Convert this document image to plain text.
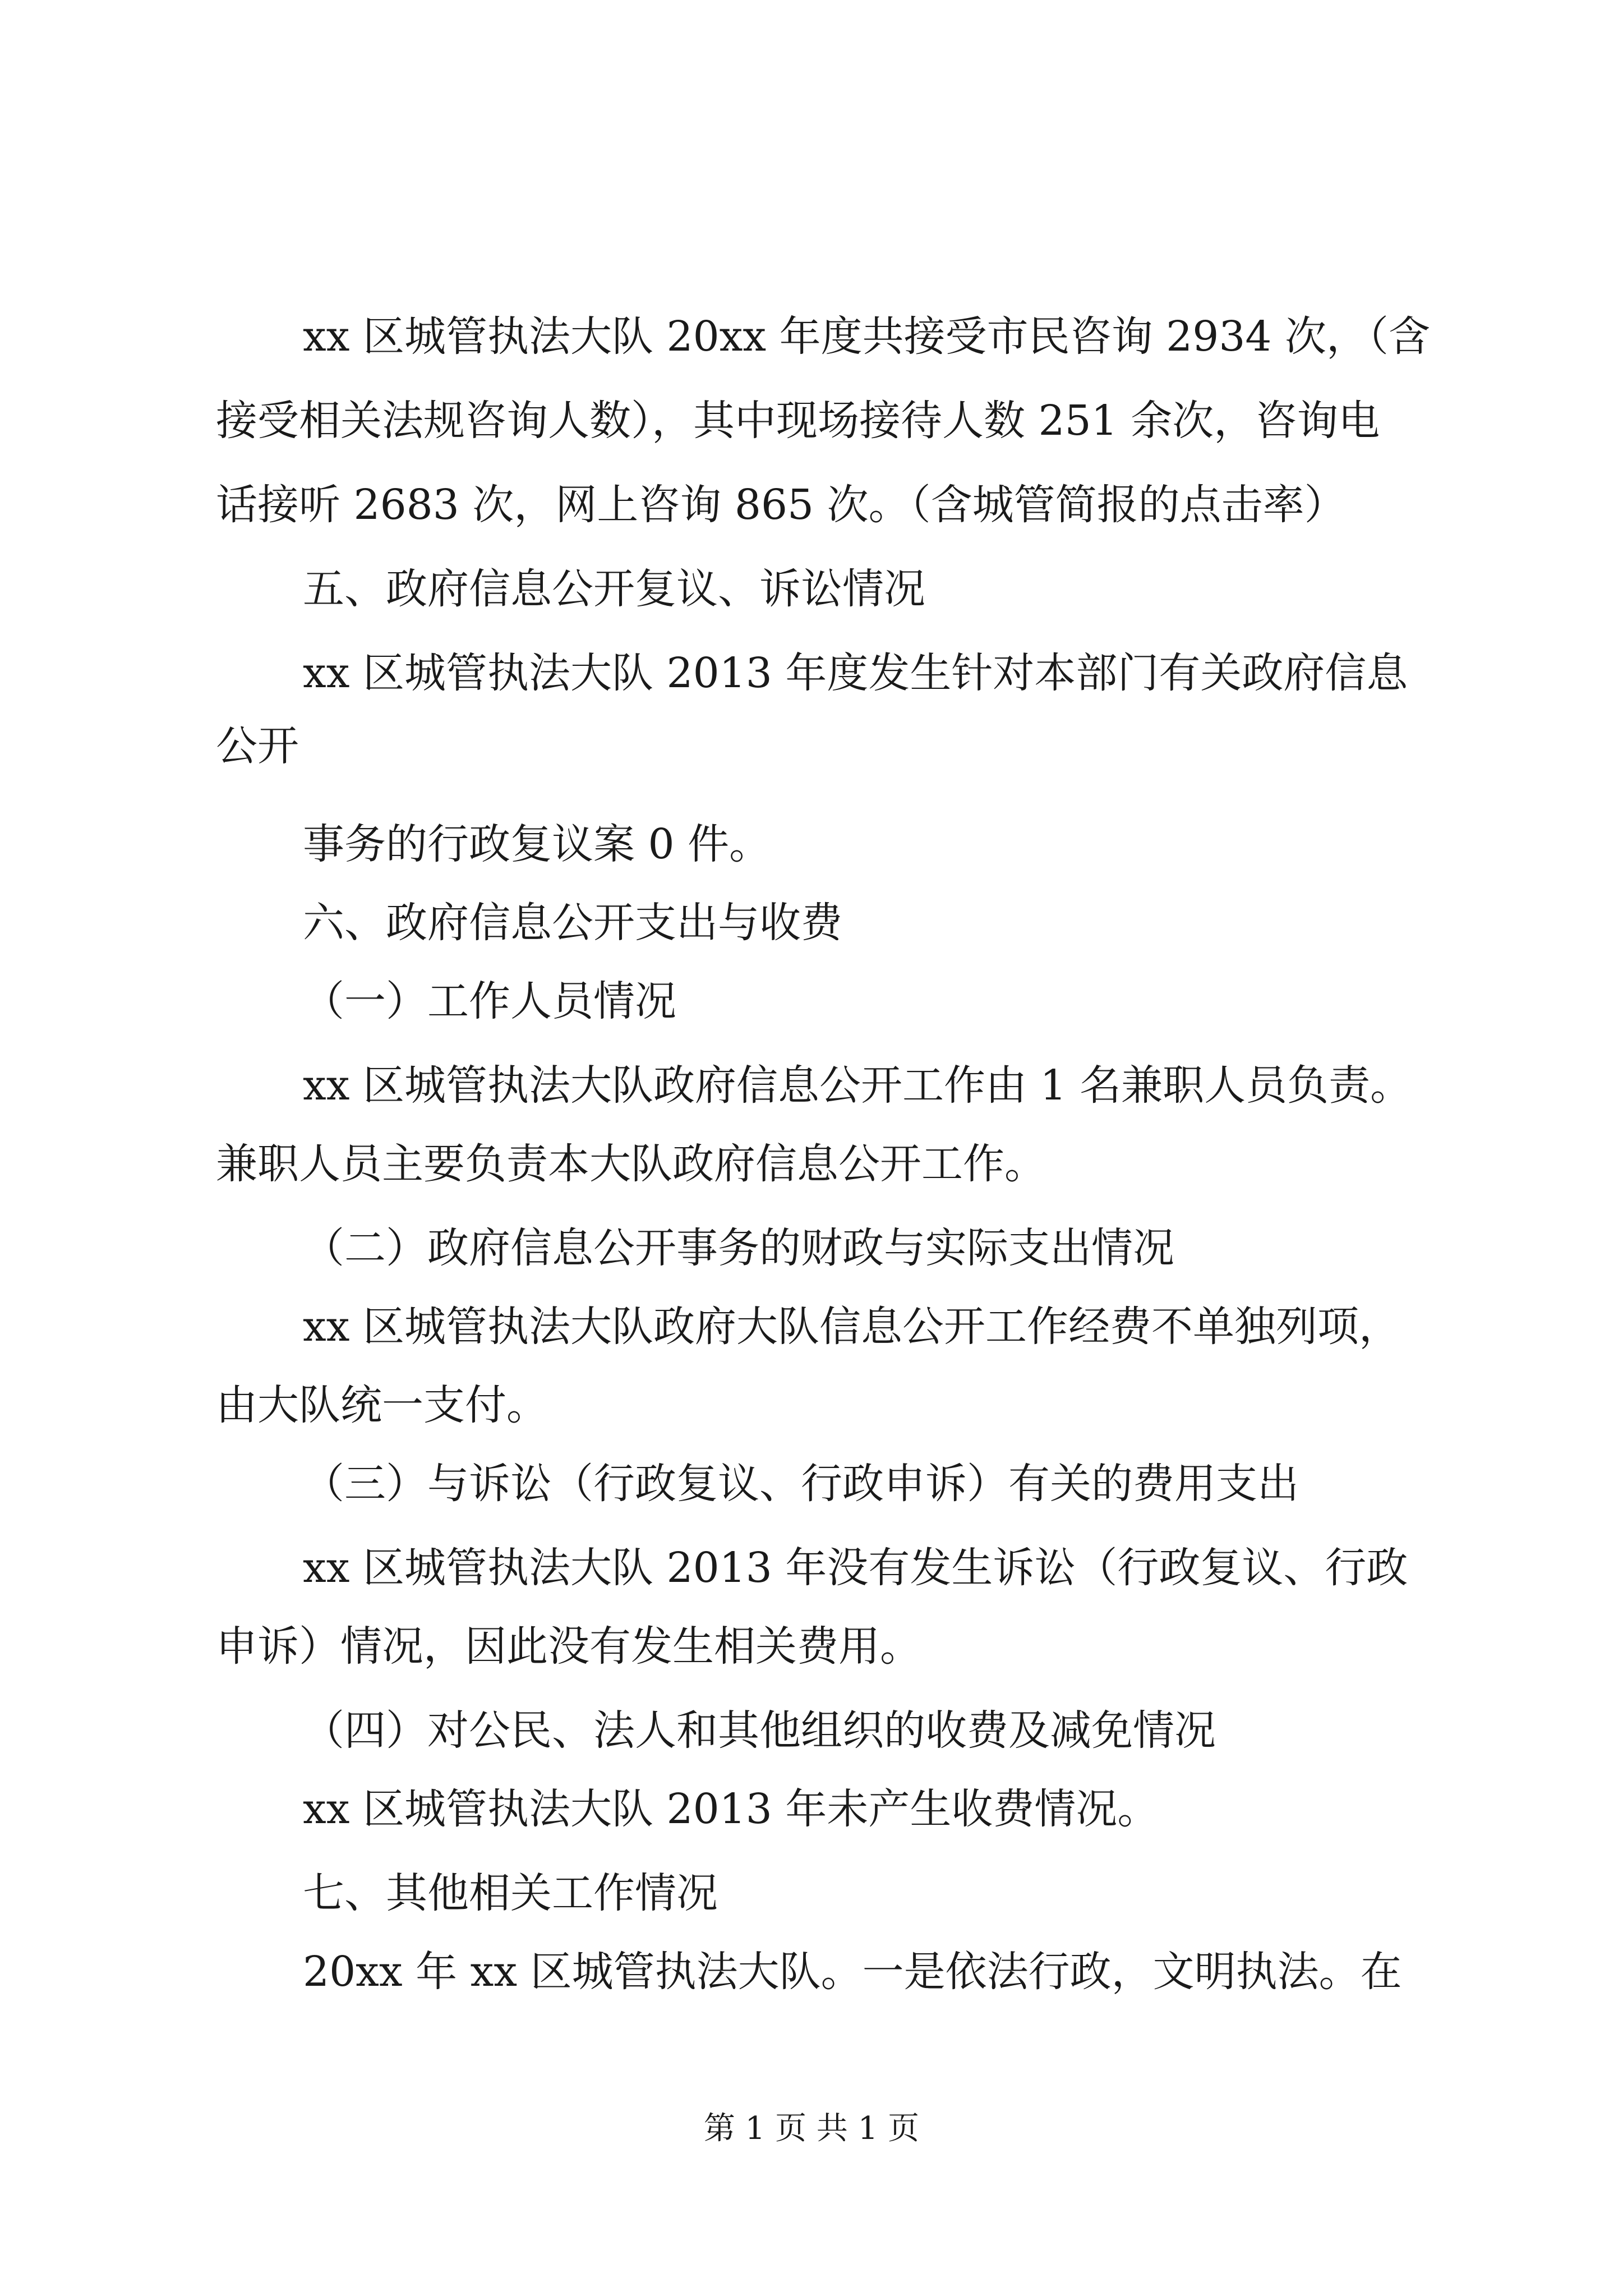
xx 区城管执法大队 20xx 年度共接受市民咨询 2934 次，（含
接受相关法规咨询人数），其中现场接待人数 251 余次，咨询电
话接听 2683 次，网上咨询 865 次。（含城管简报的点击率）
五、政府信息公开复议、诉讼情况
xx 区城管执法大队 2013 年度发生针对本部门有关政府信息
公开
事务的行政复议案 0 件。
六、政府信息公开支出与收费
（一）工作人员情况
xx 区城管执法大队政府信息公开工作由 1 名兼职人员负责。
兼职人员主要负责本大队政府信息公开工作。
（二）政府信息公开事务的财政与实际支出情况
xx 区城管执法大队政府大队信息公开工作经费不单独列项，
由大队统一支付。
（三）与诉讼（行政复议、行政申诉）有关的费用支出
xx 区城管执法大队 2013 年没有发生诉讼（行政复议、行政
申诉）情况，因此没有发生相关费用。
（四）对公民、法人和其他组织的收费及减免情况
xx 区城管执法大队 2013 年未产生收费情况。
七、其他相关工作情况
20xx 年 xx 区城管执法大队。一是依法行政，文明执法。在
第 1 页 共 1 页
